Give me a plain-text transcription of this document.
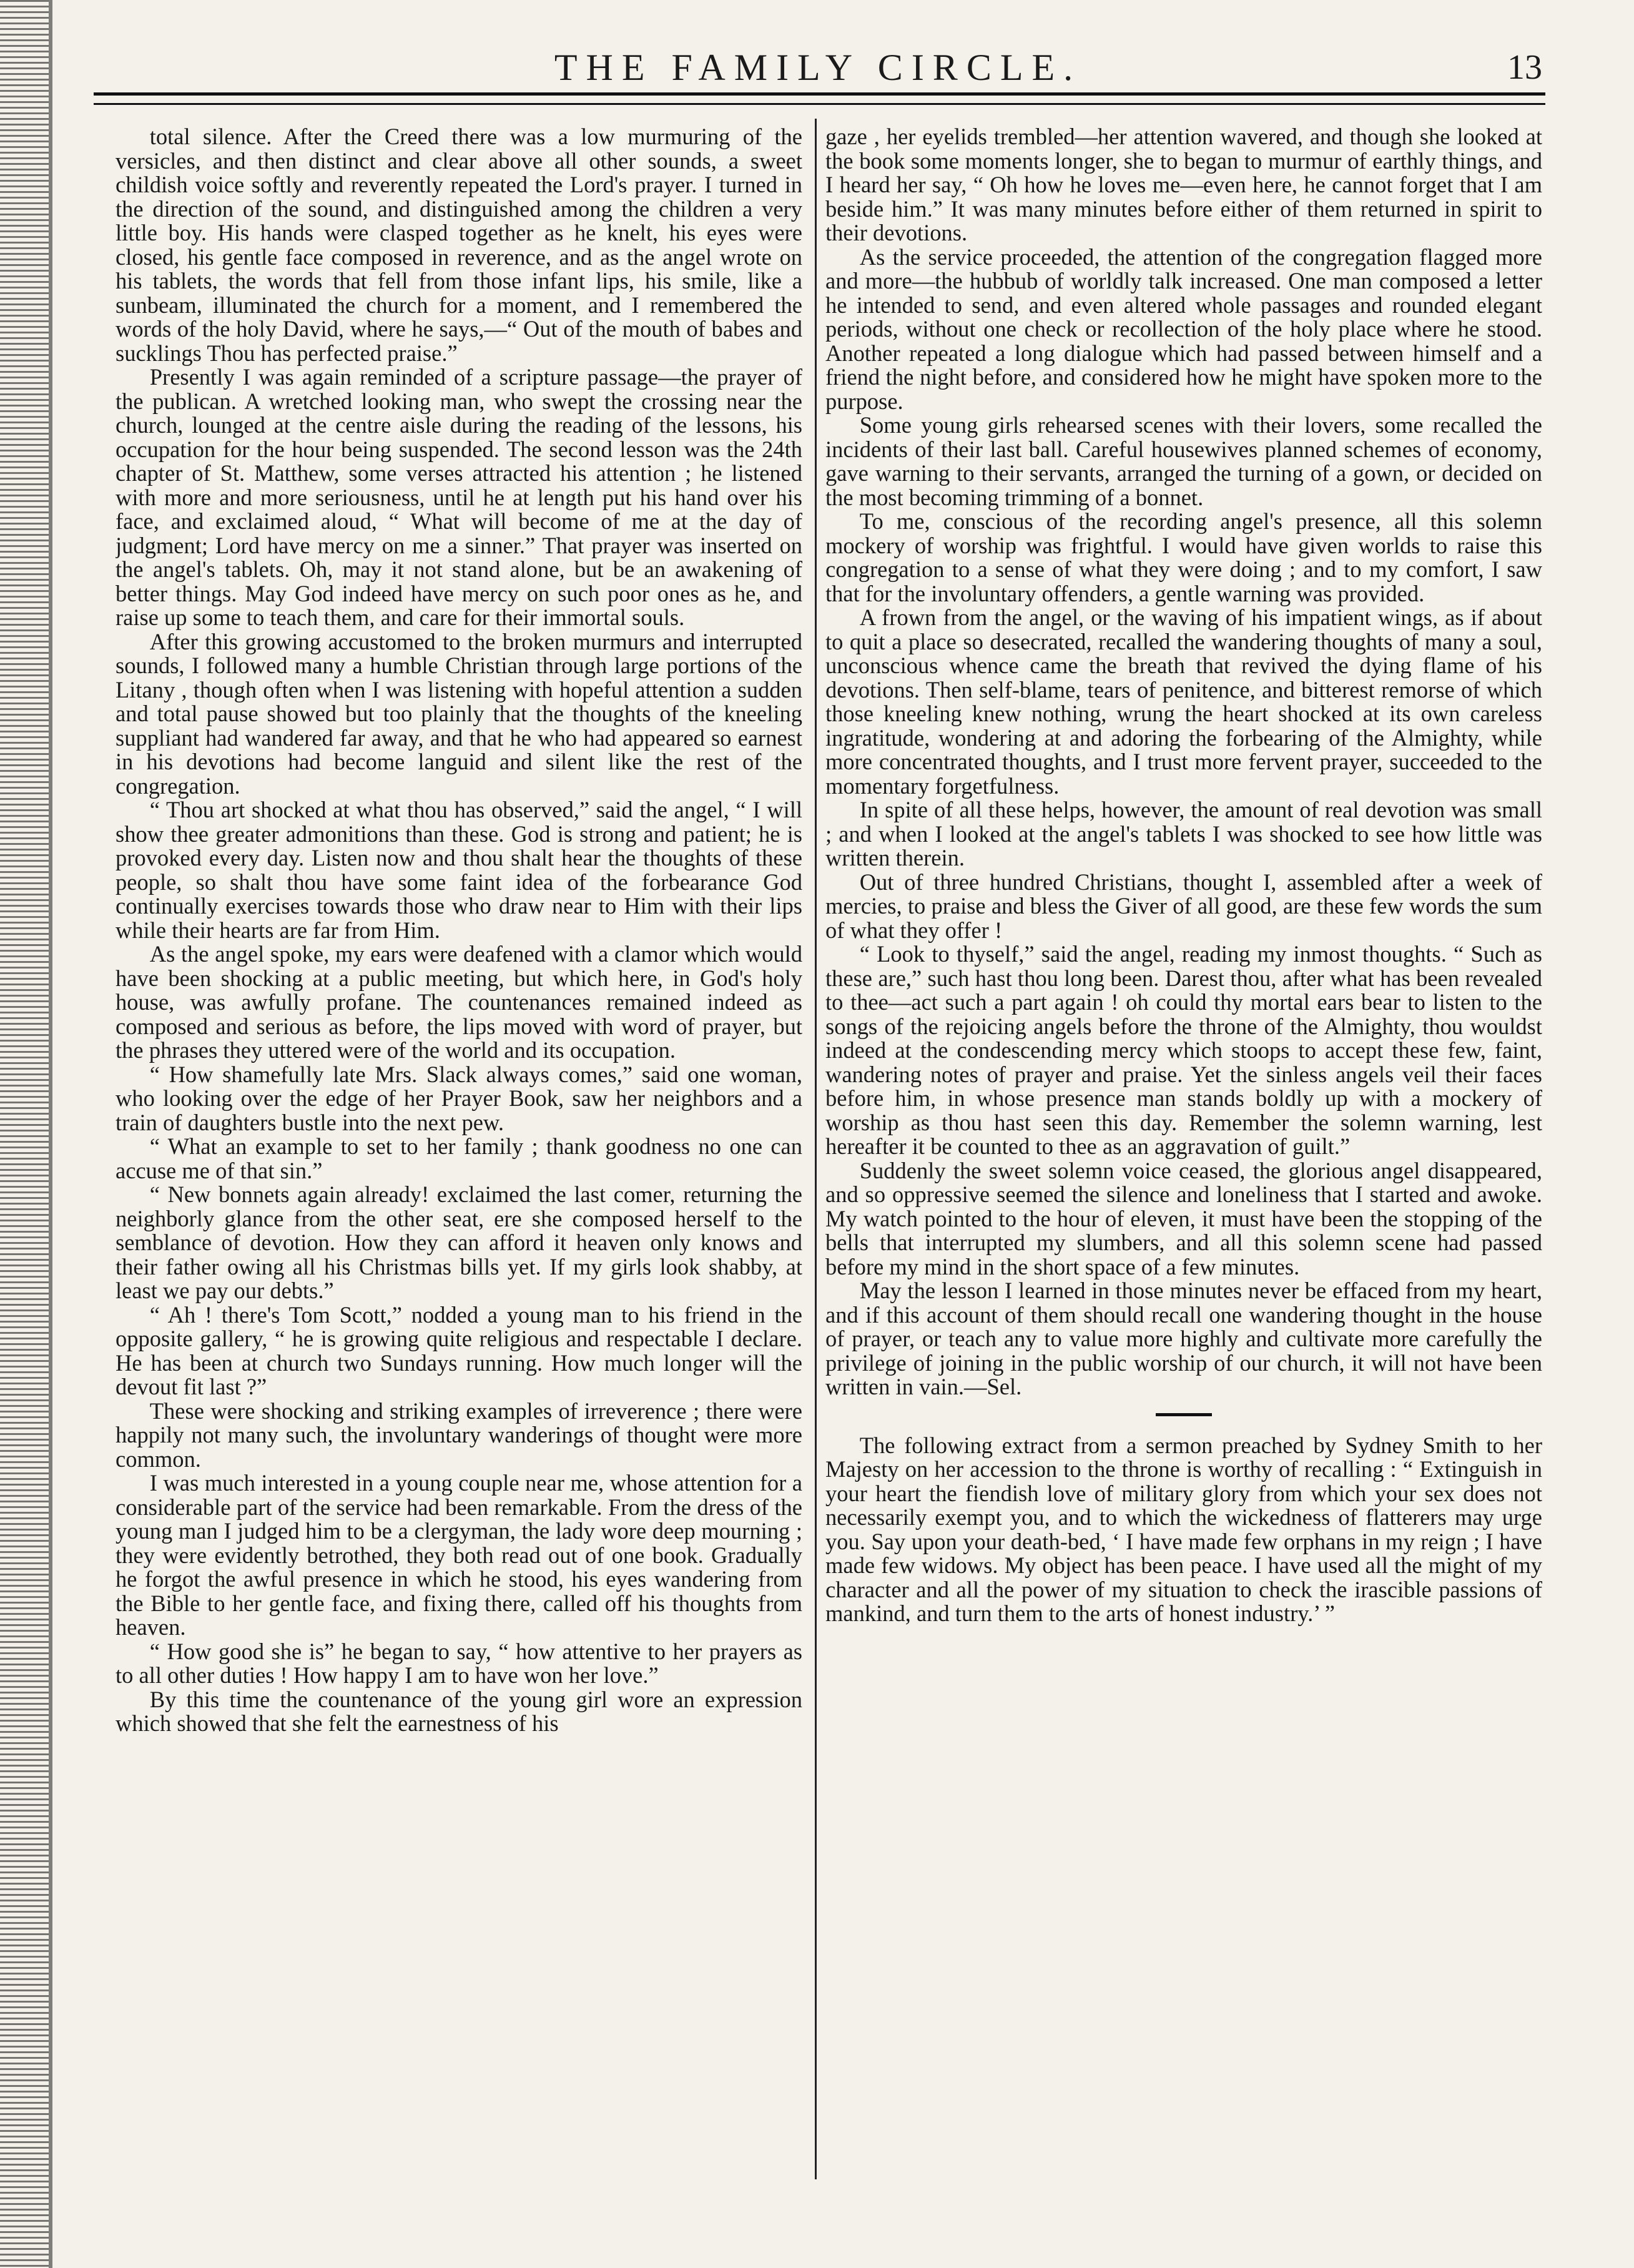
THE FAMILY CIRCLE.	13

total silence. After the Creed there was a low murmuring of the versicles, and then distinct and clear above all other sounds, a sweet childish voice softly and reverently repeated the Lord's prayer. I turned in the direction of the sound, and distinguished among the children a very little boy. His hands were clasped together as he knelt, his eyes were closed, his gentle face composed in reverence, and as the angel wrote on his tablets, the words that fell from those infant lips, his smile, like a sunbeam, illuminated the church for a moment, and I remembered the words of the holy David, where he says,—“ Out of the mouth of babes and sucklings Thou has perfected praise.”

Presently I was again reminded of a scripture passage—the prayer of the publican. A wretched looking man, who swept the crossing near the church, lounged at the centre aisle during the reading of the lessons, his occupation for the hour being suspended. The second lesson was the 24th chapter of St. Matthew, some verses attracted his attention ; he listened with more and more seriousness, until he at length put his hand over his face, and exclaimed aloud, “ What will become of me at the day of judgment; Lord have mercy on me a sinner.” That prayer was inserted on the angel's tablets. Oh, may it not stand alone, but be an awakening of better things. May God indeed have mercy on such poor ones as he, and raise up some to teach them, and care for their immortal souls.

After this growing accustomed to the broken murmurs and interrupted sounds, I followed many a humble Christian through large portions of the Litany , though often when I was listening with hopeful attention a sudden and total pause showed but too plainly that the thoughts of the kneeling suppliant had wandered far away, and that he who had appeared so earnest in his devotions had become languid and silent like the rest of the congregation.

“ Thou art shocked at what thou has observed,” said the angel, “ I will show thee greater admonitions than these. God is strong and patient; he is provoked every day. Listen now and thou shalt hear the thoughts of these people, so shalt thou have some faint idea of the forbearance God continually exercises towards those who draw near to Him with their lips while their hearts are far from Him.

As the angel spoke, my ears were deafened with a clamor which would have been shocking at a public meeting, but which here, in God's holy house, was awfully profane. The countenances remained indeed as composed and serious as before, the lips moved with word of prayer, but the phrases they uttered were of the world and its occupation.

“ How shamefully late Mrs. Slack always comes,” said one woman, who looking over the edge of her Prayer Book, saw her neighbors and a train of daughters bustle into the next pew.

“ What an example to set to her family ; thank goodness no one can accuse me of that sin.”

“ New bonnets again already! exclaimed the last comer, returning the neighborly glance from the other seat, ere she composed herself to the semblance of devotion. How they can afford it heaven only knows and their father owing all his Christmas bills yet. If my girls look shabby, at least we pay our debts.”

“ Ah ! there's Tom Scott,” nodded a young man to his friend in the opposite gallery, “ he is growing quite religious and respectable I declare. He has been at church two Sundays running. How much longer will the devout fit last ?”

These were shocking and striking examples of irreverence ; there were happily not many such, the involuntary wanderings of thought were more common.

I was much interested in a young couple near me, whose attention for a considerable part of the service had been remarkable. From the dress of the young man I judged him to be a clergyman, the lady wore deep mourning ; they were evidently betrothed, they both read out of one book. Gradually he forgot the awful presence in which he stood, his eyes wandering from the Bible to her gentle face, and fixing there, called off his thoughts from heaven.

“ How good she is” he began to say, “ how attentive to her prayers as to all other duties ! How happy I am to have won her love.”

By this time the countenance of the young girl wore an expression which showed that she felt the earnestness of his

gaze , her eyelids trembled—her attention wavered, and though she looked at the book some moments longer, she to began to murmur of earthly things, and I heard her say, “ Oh how he loves me—even here, he cannot forget that I am beside him.” It was many minutes before either of them returned in spirit to their devotions.

As the service proceeded, the attention of the congregation flagged more and more—the hubbub of worldly talk increased. One man composed a letter he intended to send, and even altered whole passages and rounded elegant periods, without one check or recollection of the holy place where he stood. Another repeated a long dialogue which had passed between himself and a friend the night before, and considered how he might have spoken more to the purpose.

Some young girls rehearsed scenes with their lovers, some recalled the incidents of their last ball. Careful housewives planned schemes of economy, gave warning to their servants, arranged the turning of a gown, or decided on the most becoming trimming of a bonnet.

To me, conscious of the recording angel's presence, all this solemn mockery of worship was frightful. I would have given worlds to raise this congregation to a sense of what they were doing ; and to my comfort, I saw that for the involuntary offenders, a gentle warning was provided.

A frown from the angel, or the waving of his impatient wings, as if about to quit a place so desecrated, recalled the wandering thoughts of many a soul, unconscious whence came the breath that revived the dying flame of his devotions. Then self-blame, tears of penitence, and bitterest remorse of which those kneeling knew nothing, wrung the heart shocked at its own careless ingratitude, wondering at and adoring the forbearing of the Almighty, while more concentrated thoughts, and I trust more fervent prayer, succeeded to the momentary forgetfulness.

In spite of all these helps, however, the amount of real devotion was small ; and when I looked at the angel's tablets I was shocked to see how little was written therein.

Out of three hundred Christians, thought I, assembled after a week of mercies, to praise and bless the Giver of all good, are these few words the sum of what they offer !

“ Look to thyself,” said the angel, reading my inmost thoughts. “ Such as these are,” such hast thou long been. Darest thou, after what has been revealed to thee—act such a part again ! oh could thy mortal ears bear to listen to the songs of the rejoicing angels before the throne of the Almighty, thou wouldst indeed at the condescending mercy which stoops to accept these few, faint, wandering notes of prayer and praise. Yet the sinless angels veil their faces before him, in whose presence man stands boldly up with a mockery of worship as thou hast seen this day. Remember the solemn warning, lest hereafter it be counted to thee as an aggravation of guilt.”

Suddenly the sweet solemn voice ceased, the glorious angel disappeared, and so oppressive seemed the silence and loneliness that I started and awoke. My watch pointed to the hour of eleven, it must have been the stopping of the bells that interrupted my slumbers, and all this solemn scene had passed before my mind in the short space of a few minutes.

May the lesson I learned in those minutes never be effaced from my heart, and if this account of them should recall one wandering thought in the house of prayer, or teach any to value more highly and cultivate more carefully the privilege of joining in the public worship of our church, it will not have been written in vain.—Sel.

The following extract from a sermon preached by Sydney Smith to her Majesty on her accession to the throne is worthy of recalling : “ Extinguish in your heart the fiendish love of military glory from which your sex does not necessarily exempt you, and to which the wickedness of flatterers may urge you. Say upon your death-bed, ‘ I have made few orphans in my reign ; I have made few widows. My object has been peace. I have used all the might of my character and all the power of my situation to check the irascible passions of mankind, and turn them to the arts of honest industry.’ ”
